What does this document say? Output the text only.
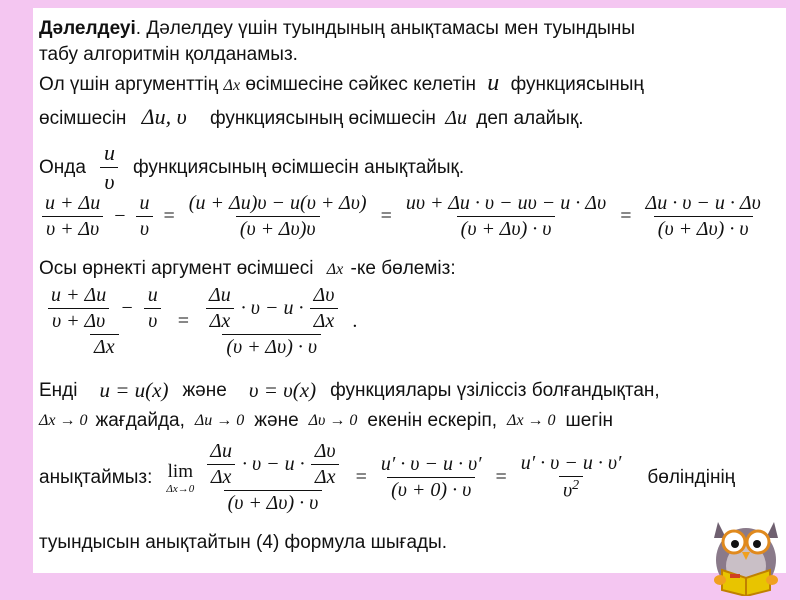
Дәлелдеуі. Дәлелдеу үшін туындының анықтамасы мен туындыны
табу алгоритмін қолданамыз.
Ол үшін аргументтің Δx өсімшесіне сәйкес келетін u функциясының
өсімшесін Δu, υ функциясының өсімшесін Δu деп алайық.
Онда $\frac{u}{\upsilon}$ функциясының өсімшесін анықтайық.
$\frac{u + \Delta u}{\upsilon + \Delta\upsilon} - \frac{u}{\upsilon} = \frac{(u + \Delta u)\upsilon - u(\upsilon + \Delta\upsilon)}{(\upsilon + \Delta\upsilon)\upsilon} = \frac{u\upsilon + \Delta u \cdot \upsilon - u\upsilon - u \cdot \Delta\upsilon}{(\upsilon + \Delta\upsilon) \cdot \upsilon} = \frac{\Delta u \cdot \upsilon - u \cdot \Delta\upsilon}{(\upsilon + \Delta\upsilon) \cdot \upsilon}$
Осы өрнекті аргумент өсімшесі Δx -ке бөлеміз:
$\frac{\frac{u + \Delta u}{\upsilon + \Delta\upsilon} - \frac{u}{\upsilon}}{\Delta x} = \frac{\frac{\Delta u}{\Delta x} \cdot \upsilon - u \cdot \frac{\Delta\upsilon}{\Delta x}}{(\upsilon + \Delta\upsilon) \cdot \upsilon}$ .
Енді u = u(x) және υ = υ(x) функциялары үзіліссіз болғандықтан,
Δx → 0 жағдайда, Δu → 0 және Δυ → 0 екенін ескеріп, Δx → 0 шегін
анықтаймыз: lim
$\Delta x\to 0 \frac{\frac{\Delta u}{\Delta x} \cdot \upsilon - u \cdot \frac{\Delta\upsilon}{\Delta x}}{(\upsilon + \Delta\upsilon) \cdot \upsilon} = \frac{u' \cdot \upsilon - u \cdot \upsilon'}{(\upsilon + 0) \cdot \upsilon} = \frac{u' \cdot \upsilon - u \cdot \upsilon'}{\upsilon^2}$ бөліндінің
туындысын анықтайтын (4) формула шығады.
